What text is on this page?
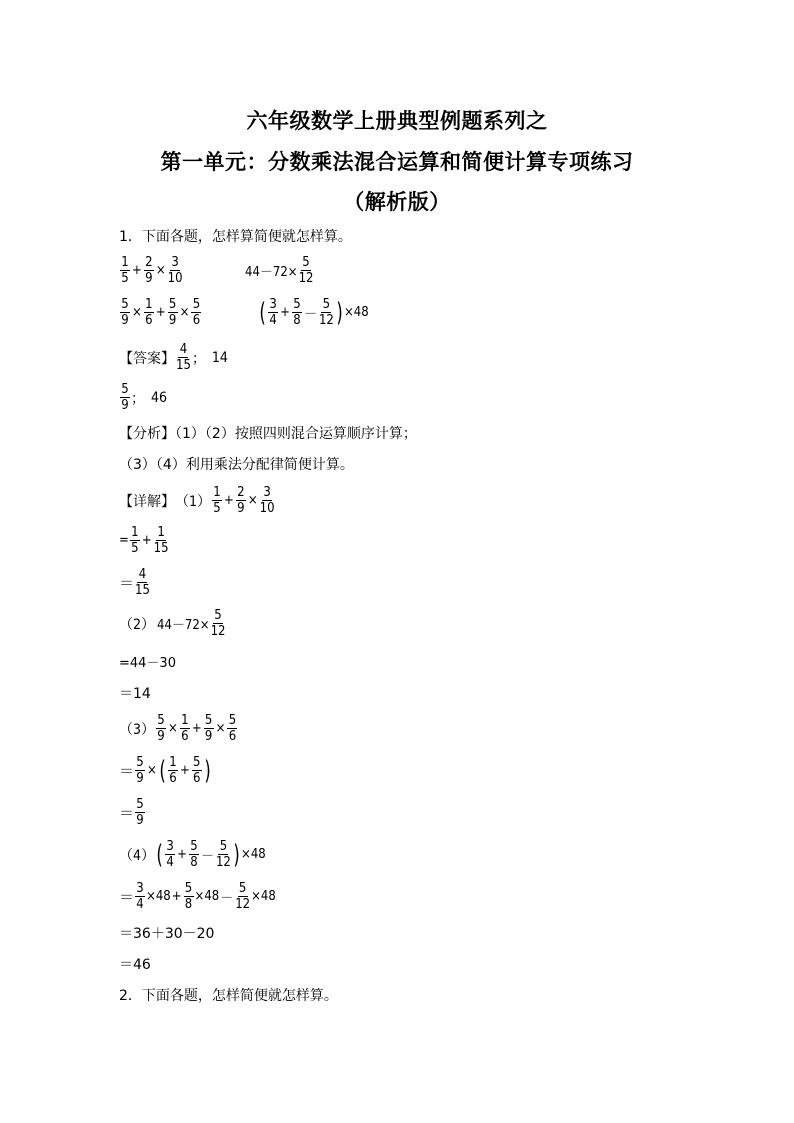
六年级数学上册典型例题系列之
第一单元：分数乘法混合运算和简便计算专项练习
（解析版）
1．下面各题，怎样算简便就怎样算。
$\frac{1}{5} + \frac{2}{9} \times \frac{3}{10}$	$44-72\times \frac{5}{12}$
$\frac{5}{9} \times \frac{1}{6} + \frac{5}{9} \times \frac{5}{6}$ ( $\frac{3}{4} + \frac{5}{8} - \frac{5}{12}$ ) ×48
【答案】 $\frac{4}{15}$ ； 14
$\frac{5}{9}$ ； 46
【分析】（1）（2）按照四则混合运算顺序计算；
（3）（4）利用乘法分配律简便计算。
【详解】 $(1) \frac{1}{5} + \frac{2}{9} \times \frac{3}{10}$
= $\frac{1}{5} + \frac{1}{15}$
＝ $\frac{4}{15}$
（2） $44-72\times \frac{5}{12}$
=44－30
＝14
$(3) \frac{5}{9} \times \frac{1}{6} + \frac{5}{9} \times \frac{5}{6}$
＝ $\frac{5}{9}$ × ( $\frac{1}{6} + \frac{5}{6}$ )
＝ $\frac{5}{9}$
（4） ( $\frac{3}{4} + \frac{5}{8} - \frac{5}{12}$ ) ×48
＝ $\frac{3}{4} \times 48 + \frac{5}{8} \times 48 - \frac{5}{12} \times 48$
＝36＋30－20
＝46
2．下面各题，怎样简便就怎样算。
